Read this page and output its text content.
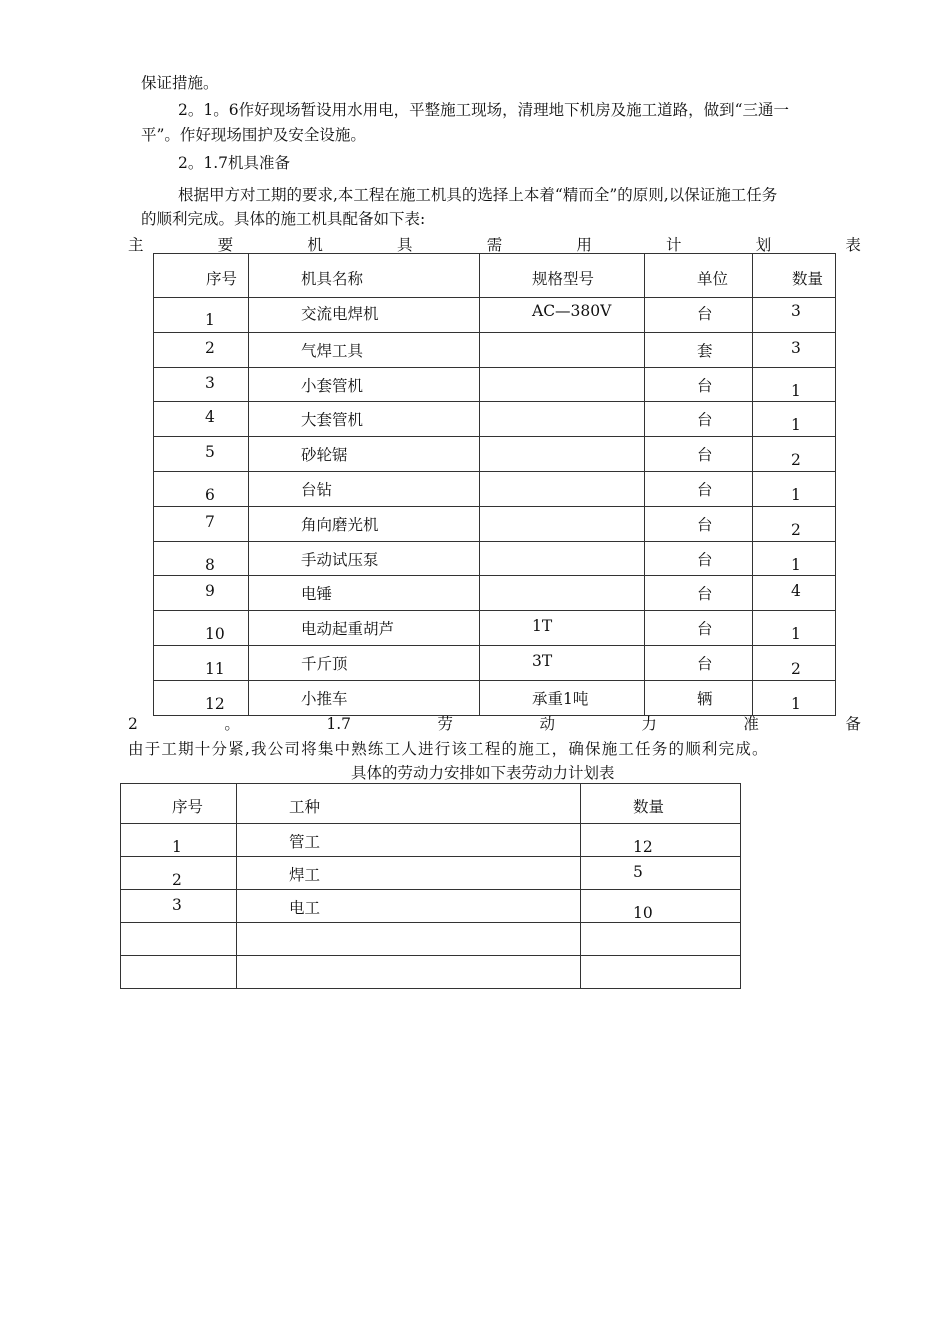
保证措施。
2。1。6作好现场暂设用水用电，平整施工现场，清理地下机房及施工道路，做到“三通一
平”。作好现场围护及安全设施。
2。1.7机具准备
根据甲方对工期的要求,本工程在施工机具的选择上本着“精而全”的原则,以保证施工任务
的顺利完成。具体的施工机具配备如下表:
主	要	机	具	需	用	计	划	表
序号	机具名称	规格型号	单位	数量

1	交流电焊机	AC—380V	台	3

2	气焊工具		套	3

3	小套管机		台	1

4	大套管机		台	1

5	砂轮锯		台	2

6	台钻		台	1

7	角向磨光机		台	2

8	手动试压泵		台	1

9	电锤		台	4

10	电动起重胡芦	1T	台	1

11	千斤顶	3T	台	2

12	小推车	承重1吨	辆	1
2	。	1.7	劳	动	力	准	备
由于工期十分紧,我公司将集中熟练工人进行该工程的施工，确保施工任务的顺利完成。
具体的劳动力安排如下表劳动力计划表
序号	工种	数量

1	管工	12

2	焊工	5

3	电工	10
